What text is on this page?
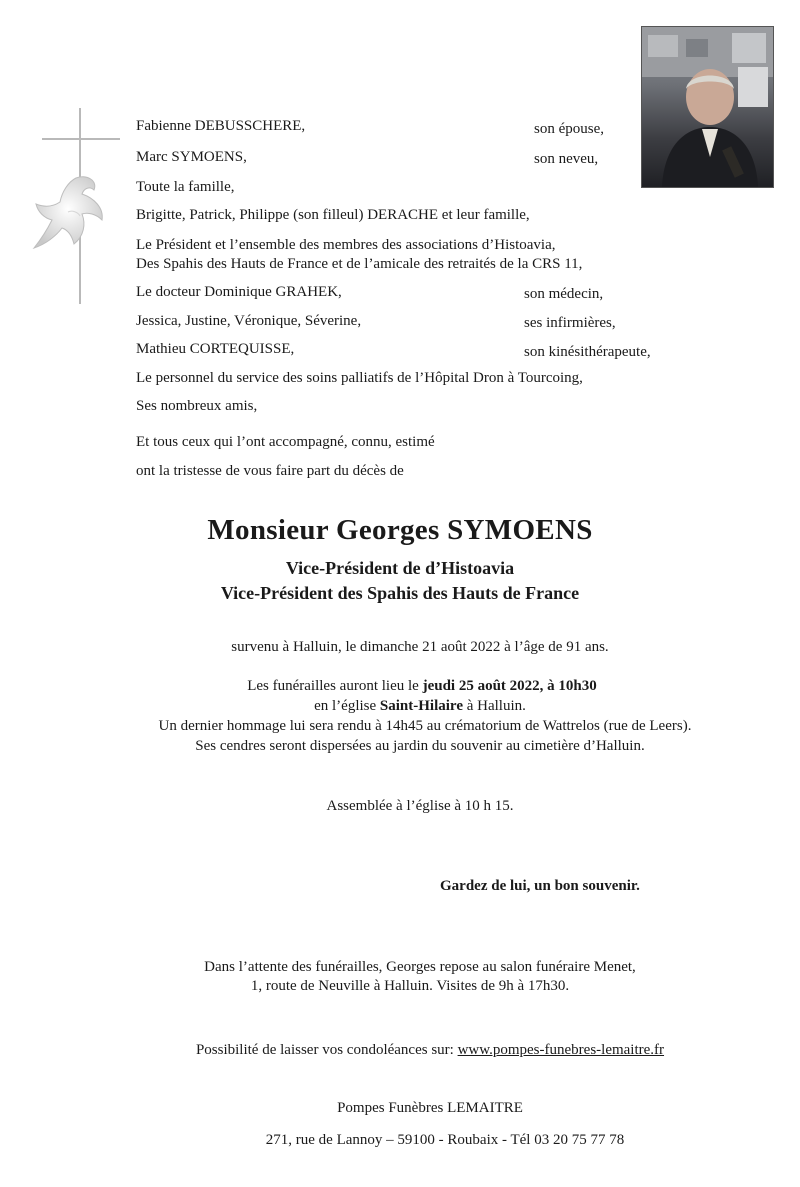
Fabienne DEBUSSCHERE,	son épouse,
Marc SYMOENS,	son neveu,
Toute la famille,
Brigitte, Patrick, Philippe (son filleul) DERACHE et leur famille,
Le Président et l’ensemble des membres des associations d’Histoavia,
Des Spahis des Hauts de France et de l’amicale des retraités de la CRS 11,
Le docteur Dominique GRAHEK,	son médecin,
Jessica, Justine, Véronique, Séverine,	ses infirmières,
Mathieu CORTEQUISSE,	son kinésithérapeute,
Le personnel du service des soins palliatifs de l’Hôpital Dron à Tourcoing,
Ses nombreux amis,
Et tous ceux qui l’ont accompagné, connu, estimé
ont la tristesse de vous faire part du décès de
Monsieur Georges SYMOENS
Vice-Président de d’Histoavia
Vice-Président des Spahis des Hauts de France
survenu à Halluin, le dimanche 21 août 2022 à l’âge de 91 ans.
Les funérailles auront lieu le jeudi 25 août 2022, à 10h30
en l’église Saint-Hilaire à Halluin.
Un dernier hommage lui sera rendu à 14h45 au crématorium de Wattrelos (rue de Leers).
Ses cendres seront dispersées au jardin du souvenir au cimetière d’Halluin.
Assemblée à l’église à 10 h 15.
Gardez de lui, un bon souvenir.
Dans l’attente des funérailles, Georges repose au salon funéraire Menet,
1, route de Neuville à Halluin. Visites de 9h à 17h30.
Possibilité de laisser vos condoléances sur: www.pompes-funebres-lemaitre.fr
Pompes Funèbres LEMAITRE
271, rue de Lannoy – 59100 - Roubaix - Tél 03 20 75 77 78
